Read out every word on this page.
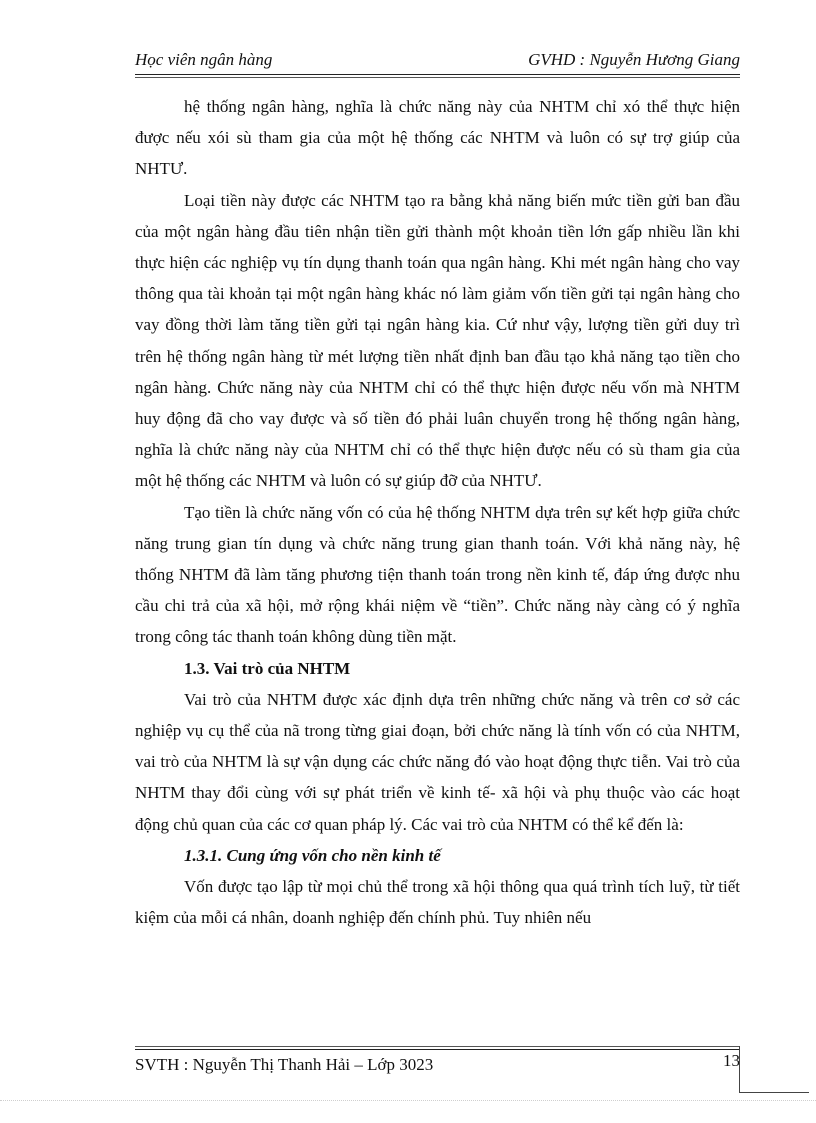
Học viên ngân hàng	GVHD : Nguyễn Hương Giang

hệ thống ngân hàng, nghĩa là chức năng này của NHTM chỉ xó thể thực hiện được nếu xói sù tham gia của một hệ thống các NHTM và luôn có sự trợ giúp của NHTƯ.

Loại tiền này được các NHTM tạo ra bằng khả năng biến mức tiền gửi ban đầu của một ngân hàng đầu tiên nhận tiền gửi thành một khoản tiền lớn gấp nhiều lần khi thực hiện các nghiệp vụ tín dụng thanh toán qua ngân hàng. Khi mét ngân hàng cho vay thông qua tài khoản tại một ngân hàng khác nó làm giảm vốn tiền gửi tại ngân hàng cho vay đồng thời làm tăng tiền gửi tại ngân hàng kia. Cứ như vậy, lượng tiền gửi duy trì trên hệ thống ngân hàng từ mét lượng tiền nhất định ban đầu tạo khả năng tạo tiền cho ngân hàng. Chức năng này của NHTM chỉ có thể thực hiện được nếu vốn mà NHTM huy động đã cho vay được và số tiền đó phải luân chuyển trong hệ thống ngân hàng, nghĩa là chức năng này của NHTM chỉ có thể thực hiện được nếu có sù tham gia của một hệ thống các NHTM và luôn có sự giúp đỡ của NHTƯ.

Tạo tiền là chức năng vốn có của hệ thống NHTM dựa trên sự kết hợp giữa chức năng trung gian tín dụng và chức năng trung gian thanh toán. Với khả năng này, hệ thống NHTM đã làm tăng phương tiện thanh toán trong nền kinh tế, đáp ứng được nhu cầu chi trả của xã hội, mở rộng khái niệm về “tiền”. Chức năng này càng có ý nghĩa trong công tác thanh toán không dùng tiền mặt.

1.3. Vai trò của NHTM

Vai trò của NHTM được xác định dựa trên những chức năng và trên cơ sở các nghiệp vụ cụ thể của nã trong từng giai đoạn, bởi chức năng là tính vốn có của NHTM, vai trò của NHTM là sự vận dụng các chức năng đó vào hoạt động thực tiễn. Vai trò của NHTM thay đổi cùng với sự phát triển về kinh tế- xã hội và phụ thuộc vào các hoạt động chủ quan của các cơ quan pháp lý. Các vai trò của NHTM có thể kể đến là:

1.3.1. Cung ứng vốn cho nền kinh tế

Vốn được tạo lập từ mọi chủ thể trong xã hội thông qua quá trình tích luỹ, từ tiết kiệm của mỗi cá nhân, doanh nghiệp đến chính phủ. Tuy nhiên nếu

SVTH : Nguyễn Thị Thanh Hải – Lớp 3023	13
